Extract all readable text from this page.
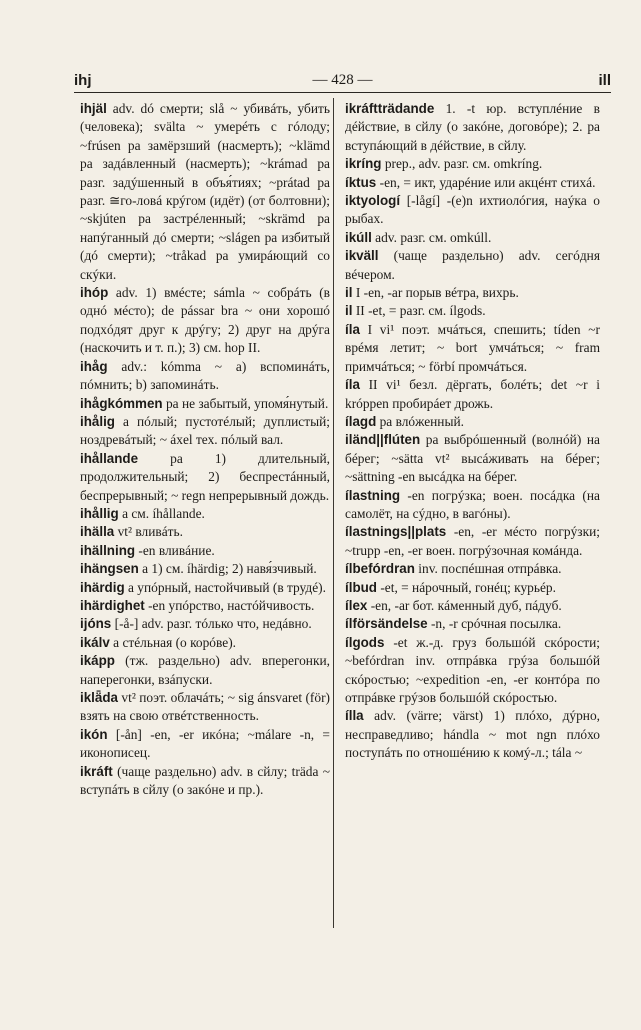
ihj	— 428 —	ill

ihjäl adv. dó смерти; slå ~ убивáть, убить (человека); svälta ~ умерéть с гóлоду; ~frúsen pa замёрзший (насмерть); ~klämd pa задáвленный (насмерть); ~krámad pa разг. задýшенный в объя́тиях; ~prátad pa разг. ≅го-ловá крýгом (идёт) (от болтовни); ~skjúten pa застрéленный; ~skrämd pa напýганный дó смерти; ~slágen pa избитый (дó смерти); ~tråkad pa умирáющий со скýки.

ihóp adv. 1) вмéсте; sámla ~ собрáть (в однó мéсто); de pássar bra ~ они хорошó подхóдят друг к дрýгу; 2) друг на дрýга (наскочить и т. п.); 3) см. hop II.

ihåg adv.: kómma ~ a) вспоминáть, пóмнить; b) запоминáть.

ihågkómmen pa не забытый, упомя́нутый.

ihålig a пóлый; пустотéлый; дуплистый; ноздревáтый; ~ áxel тех. пóлый вал.

ihållande pa 1) длительный, продолжительный; 2) беспрестáнный, беспрерывный; ~ regn непрерывный дождь.

ihållig a см. íhållande.

ihälla vt² вливáть.

ihällning -en вливáние.

ihängsen a 1) см. íhärdig; 2) навя́зчивый.

ihärdig a упóрный, настойчивый (в трудé).

ihärdighet -en упóрство, настóйчивость.

ijóns [-å-] adv. разг. тóлько что, недáвно.

ikálv a стéльная (о корóве).

ikápp (тж. раздельно) adv. вперегонки, наперегонки, взáпуски.

iklǟda vt² поэт. облачáть; ~ sig ánsvaret (för) взять на свою отвéтственность.

ikón [-ån] -en, -er икóна; ~málare -n, = иконописец.

ikráft (чаще раздельно) adv. в сйлу; träda ~ вступáть в сйлу (о закóне и пр.).

ikráftträdande 1. -t юр. вступлéние в дéйствие, в сйлу (о закóне, договóре); 2. pa вступáющий в дéйствие, в сйлу.

ikríng prep., adv. разг. см. omkríng.

íktus -en, = икт, ударéние или акцéнт стихá.

iktyologí [-lågí] -(e)n ихтиолóгия, наýка о рыбах.

ikúll adv. разг. см. omkúll.

ikväll (чаще раздельно) adv. сегóдня вéчером.

il I -en, -ar порыв вéтра, вихрь.

il II -et, = разг. см. ílgods.

íla I vi¹ поэт. мчáться, спешить; tíden ~r врéмя летит; ~ bort умчáться; ~ fram примчáться; ~ förbí промчáться.

íla II vi¹ безл. дёргать, болéть; det ~r i króppen пробирáет дрожь.

ílagd pa влóженный.

iländ||flúten pa выбрóшенный (волнóй) на бéрег; ~sätta vt² высáживать на бéрег; ~sättning -en высáдка на бéрег.

ílastning -en погрýзка; воен. посáдка (на самолёт, на сýдно, в вагóны).

ílastnings||plats -en, -er мéсто погрýзки; ~trupp -en, -er воен. погрýзочная комáнда.

ílbefórdran inv. поспéшная отпрáвка.

ílbud -et, = нáрочный, гонéц; курьéр.

ílex -en, -ar бот. кáменный дуб, пáдуб.

ílförsändelse -n, -r срóчная посылка.

ílgods -et ж.-д. груз большóй скóрости; ~befórdran inv. отпрáвка грýза большóй скóростью; ~expedition -en, -er контóра по отпрáвке грýзов большóй скóростью.

ílla adv. (värre; värst) 1) плóхо, дýрно, несправедливо; hándla ~ mot ngn плóхо поступáть по отношéнию к комý-л.; tála ~
